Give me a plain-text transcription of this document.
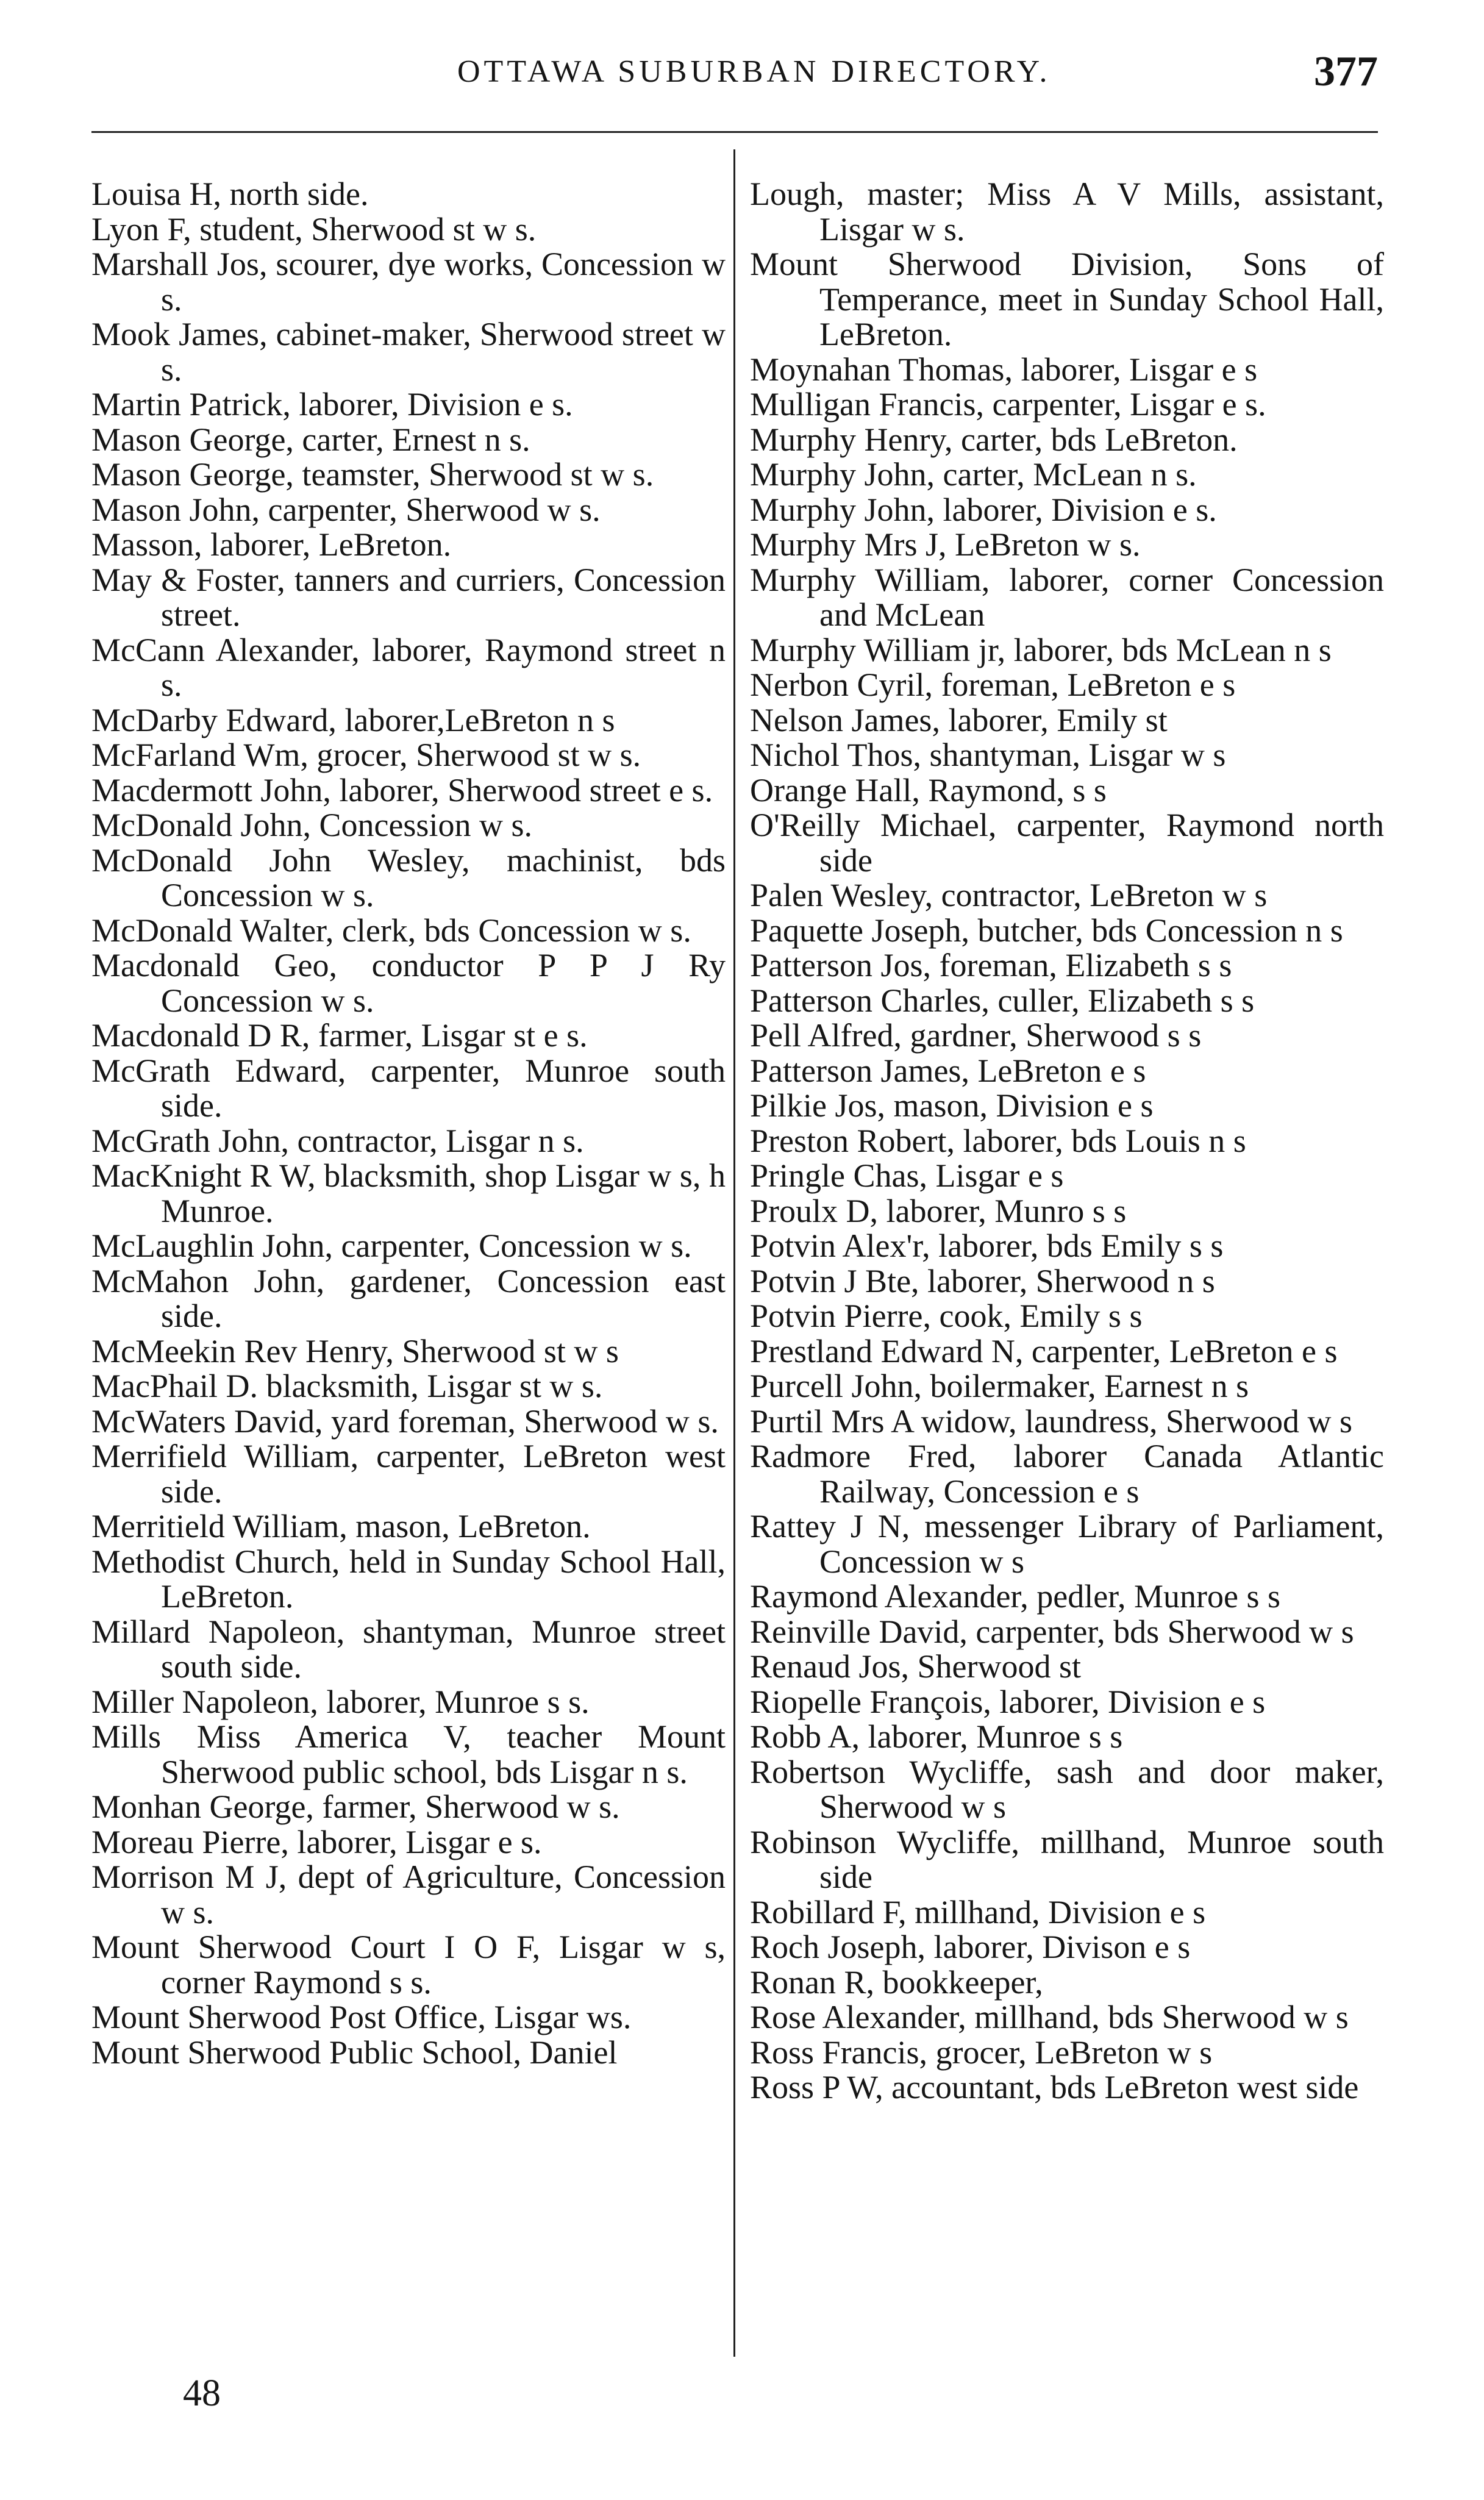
OTTAWA SUBURBAN DIRECTORY.	377
Louisa H, north side.
Lyon F, student, Sherwood st w s.
Marshall Jos, scourer, dye works, Concession w s.
Mook James, cabinet-maker, Sherwood street w s.
Martin Patrick, laborer, Division e s.
Mason George, carter, Ernest n s.
Mason George, teamster, Sherwood st w s.
Mason John, carpenter, Sherwood w s.
Masson, laborer, LeBreton.
May & Foster, tanners and curriers, Concession street.
McCann Alexander, laborer, Raymond street n s.
McDarby Edward, laborer,LeBreton n s
McFarland Wm, grocer, Sherwood st w s.
Macdermott John, laborer, Sherwood street e s.
McDonald John, Concession w s.
McDonald John Wesley, machinist, bds Concession w s.
McDonald Walter, clerk, bds Concession w s.
Macdonald Geo, conductor P P J Ry Concession w s.
Macdonald D R, farmer, Lisgar st e s.
McGrath Edward, carpenter, Munroe south side.
McGrath John, contractor, Lisgar n s.
MacKnight R W, blacksmith, shop Lisgar w s, h Munroe.
McLaughlin John, carpenter, Concession w s.
McMahon John, gardener, Concession east side.
McMeekin Rev Henry, Sherwood st w s
MacPhail D. blacksmith, Lisgar st w s.
McWaters David, yard foreman, Sherwood w s.
Merrifield William, carpenter, LeBreton west side.
Merritield William, mason, LeBreton.
Methodist Church, held in Sunday School Hall, LeBreton.
Millard Napoleon, shantyman, Munroe street south side.
Miller Napoleon, laborer, Munroe s s.
Mills Miss America V, teacher Mount Sherwood public school, bds Lisgar n s.
Monhan George, farmer, Sherwood w s.
Moreau Pierre, laborer, Lisgar e s.
Morrison M J, dept of Agriculture, Concession w s.
Mount Sherwood Court I O F, Lisgar w s, corner Raymond s s.
Mount Sherwood Post Office, Lisgar ws.
Mount Sherwood Public School, Daniel
Lough, master; Miss A V Mills, assistant, Lisgar w s.
Mount Sherwood Division, Sons of Temperance, meet in Sunday School Hall, LeBreton.
Moynahan Thomas, laborer, Lisgar e s
Mulligan Francis, carpenter, Lisgar e s.
Murphy Henry, carter, bds LeBreton.
Murphy John, carter, McLean n s.
Murphy John, laborer, Division e s.
Murphy Mrs J, LeBreton w s.
Murphy William, laborer, corner Concession and McLean
Murphy William jr, laborer, bds McLean n s
Nerbon Cyril, foreman, LeBreton e s
Nelson James, laborer, Emily st
Nichol Thos, shantyman, Lisgar w s
Orange Hall, Raymond, s s
O'Reilly Michael, carpenter, Raymond north side
Palen Wesley, contractor, LeBreton w s
Paquette Joseph, butcher, bds Concession n s
Patterson Jos, foreman, Elizabeth s s
Patterson Charles, culler, Elizabeth s s
Pell Alfred, gardner, Sherwood s s
Patterson James, LeBreton e s
Pilkie Jos, mason, Division e s
Preston Robert, laborer, bds Louis n s
Pringle Chas, Lisgar e s
Proulx D, laborer, Munro s s
Potvin Alex'r, laborer, bds Emily s s
Potvin J Bte, laborer, Sherwood n s
Potvin Pierre, cook, Emily s s
Prestland Edward N, carpenter, LeBreton e s
Purcell John, boilermaker, Earnest n s
Purtil Mrs A widow, laundress, Sherwood w s
Radmore Fred, laborer Canada Atlantic Railway, Concession e s
Rattey J N, messenger Library of Parliament, Concession w s
Raymond Alexander, pedler, Munroe s s
Reinville David, carpenter, bds Sherwood w s
Renaud Jos, Sherwood st
Riopelle François, laborer, Division e s
Robb A, laborer, Munroe s s
Robertson Wycliffe, sash and door maker, Sherwood w s
Robinson Wycliffe, millhand, Munroe south side
Robillard F, millhand, Division e s
Roch Joseph, laborer, Divison e s
Ronan R, bookkeeper,
Rose Alexander, millhand, bds Sherwood w s
Ross Francis, grocer, LeBreton w s
Ross P W, accountant, bds LeBreton west side
48
